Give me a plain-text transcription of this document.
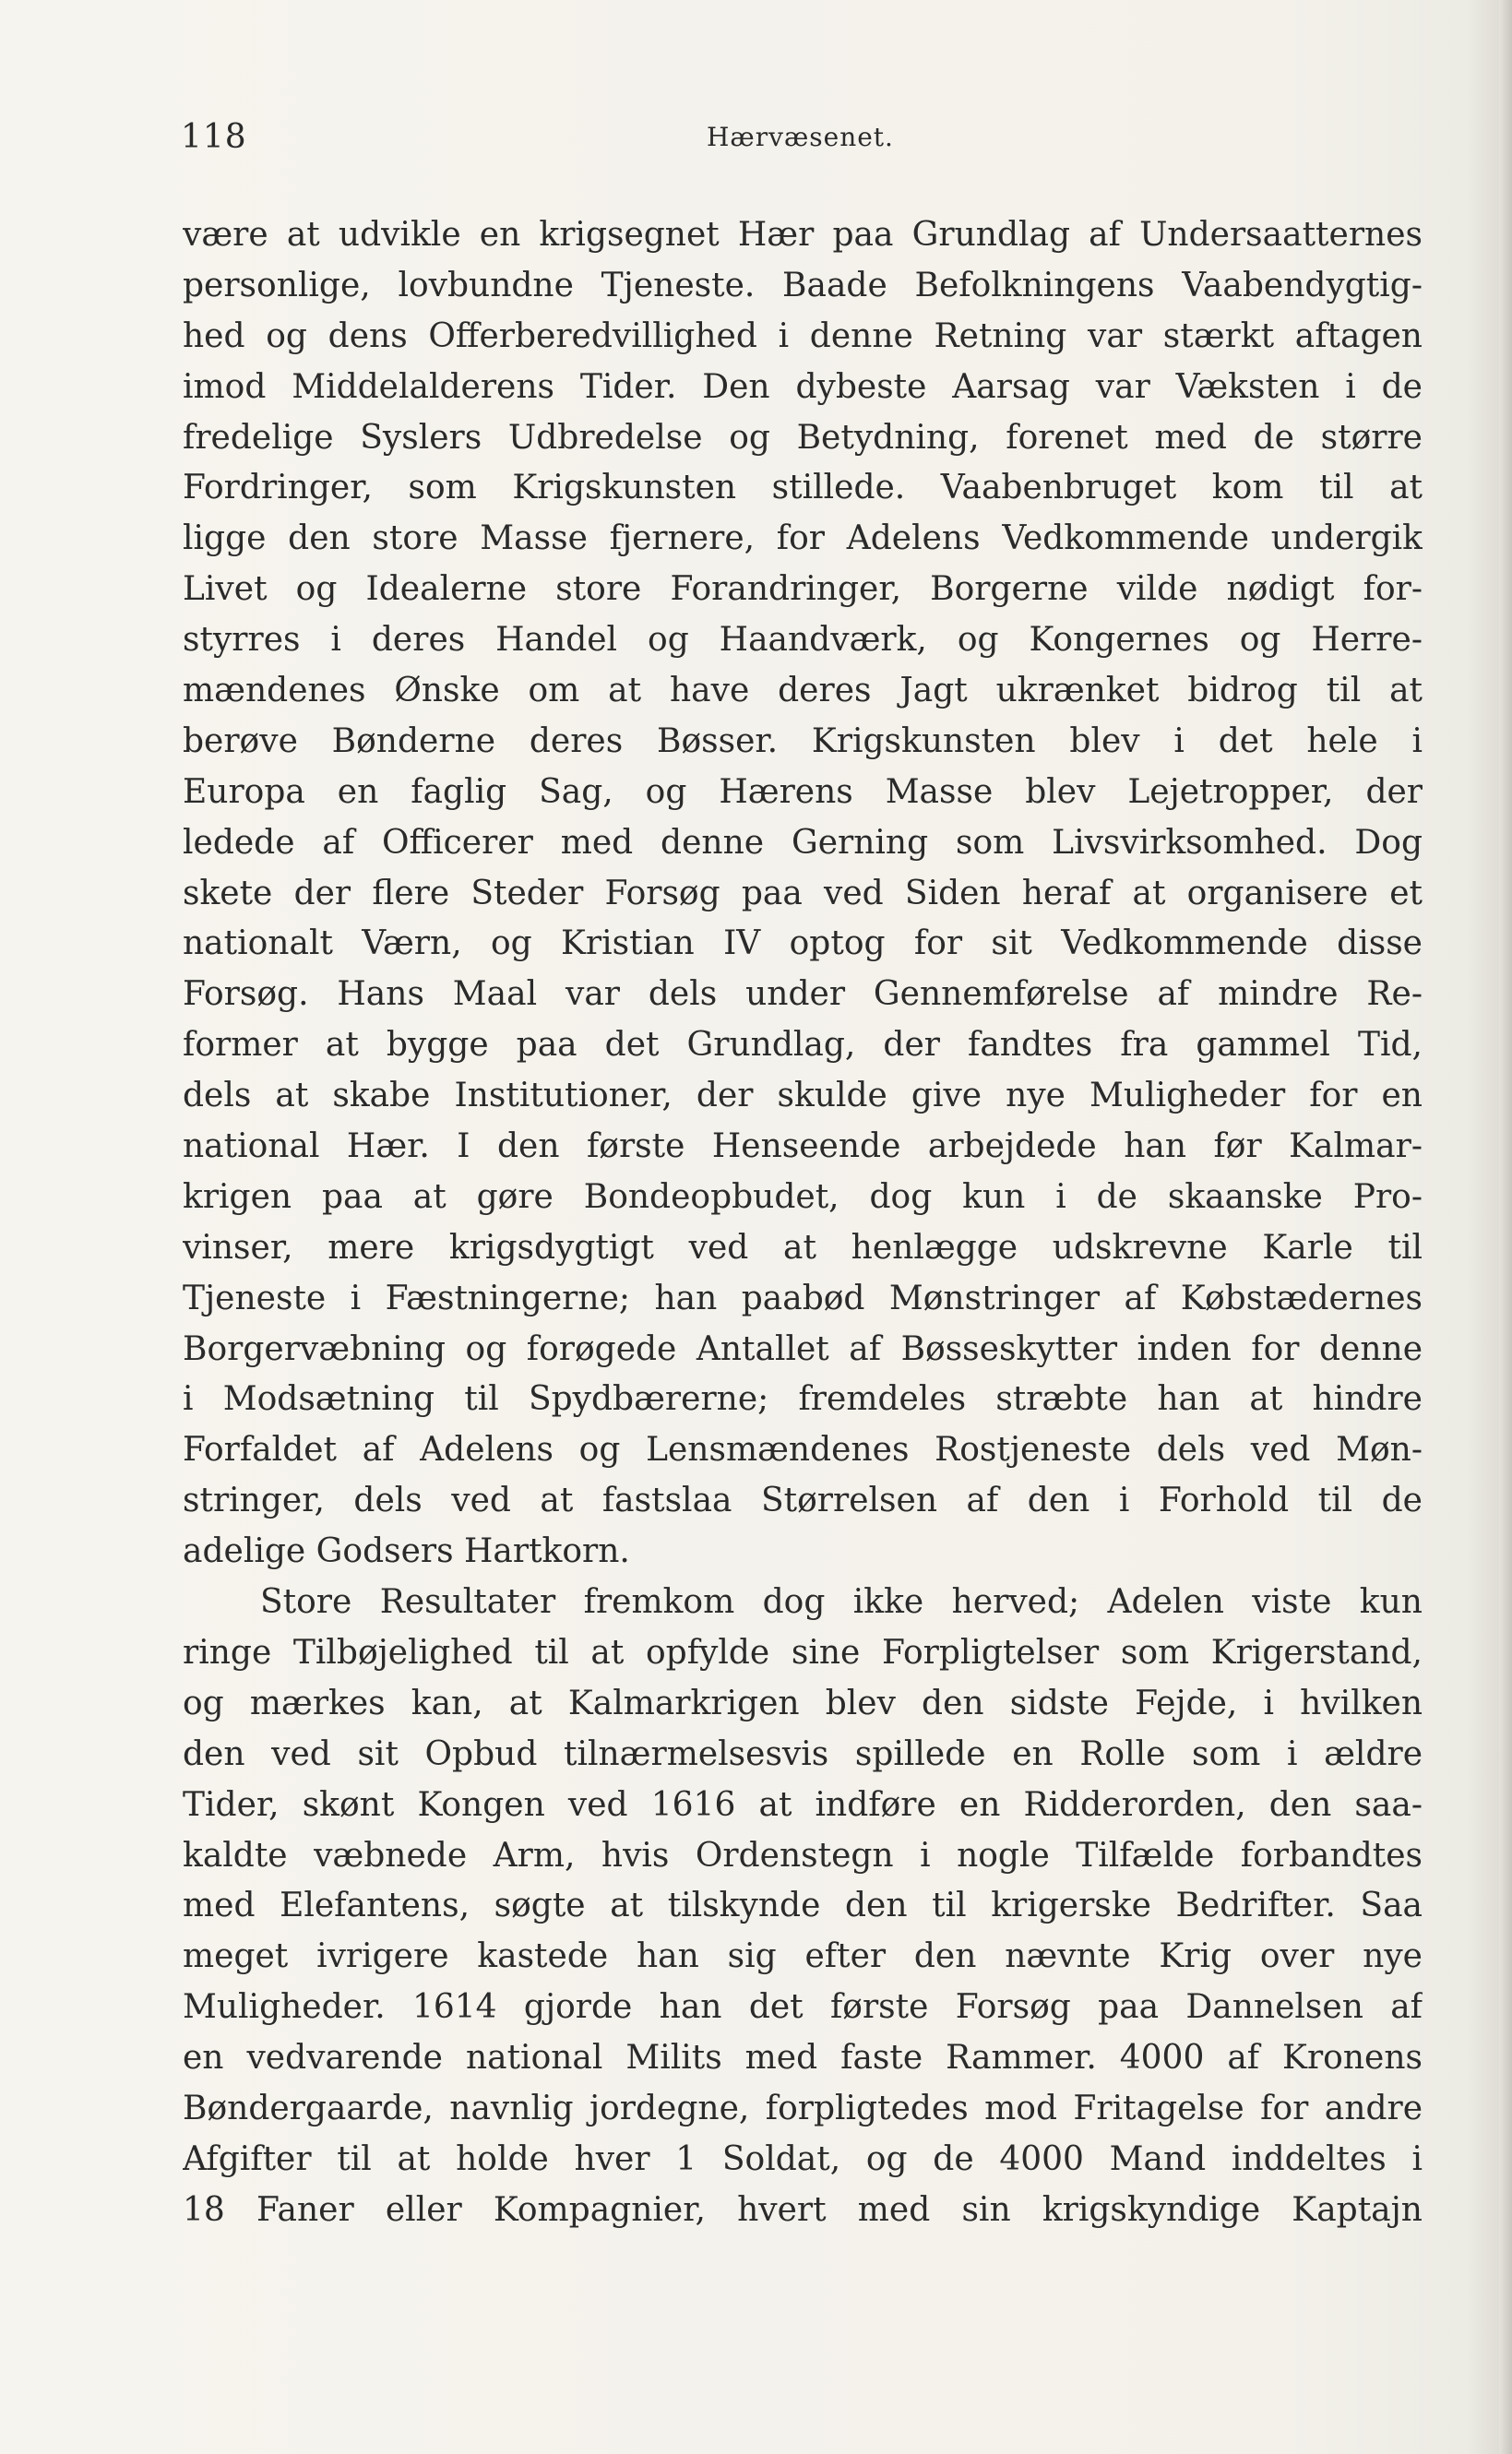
118	Hærvæsenet.
være at udvikle en krigsegnet Hær paa Grundlag af Undersaatternes
personlige, lovbundne Tjeneste. Baade Befolkningens Vaabendygtig-
hed og dens Offerberedvillighed i denne Retning var stærkt aftagen
imod Middelalderens Tider. Den dybeste Aarsag var Væksten i de
fredelige Syslers Udbredelse og Betydning, forenet med de større
Fordringer, som Krigskunsten stillede. Vaabenbruget kom til at
ligge den store Masse fjernere, for Adelens Vedkommende undergik
Livet og Idealerne store Forandringer, Borgerne vilde nødigt for-
styrres i deres Handel og Haandværk, og Kongernes og Herre-
mændenes Ønske om at have deres Jagt ukrænket bidrog til at
berøve Bønderne deres Bøsser. Krigskunsten blev i det hele i
Europa en faglig Sag, og Hærens Masse blev Lejetropper, der
ledede af Officerer med denne Gerning som Livsvirksomhed. Dog
skete der flere Steder Forsøg paa ved Siden heraf at organisere et
nationalt Værn, og Kristian IV optog for sit Vedkommende disse
Forsøg. Hans Maal var dels under Gennemførelse af mindre Re-
former at bygge paa det Grundlag, der fandtes fra gammel Tid,
dels at skabe Institutioner, der skulde give nye Muligheder for en
national Hær. I den første Henseende arbejdede han før Kalmar-
krigen paa at gøre Bondeopbudet, dog kun i de skaanske Pro-
vinser, mere krigsdygtigt ved at henlægge udskrevne Karle til
Tjeneste i Fæstningerne; han paabød Mønstringer af Købstædernes
Borgervæbning og forøgede Antallet af Bøsseskytter inden for denne
i Modsætning til Spydbærerne; fremdeles stræbte han at hindre
Forfaldet af Adelens og Lensmændenes Rostjeneste dels ved Møn-
stringer, dels ved at fastslaa Størrelsen af den i Forhold til de
adelige Godsers Hartkorn.
Store Resultater fremkom dog ikke herved; Adelen viste kun
ringe Tilbøjelighed til at opfylde sine Forpligtelser som Krigerstand,
og mærkes kan, at Kalmarkrigen blev den sidste Fejde, i hvilken
den ved sit Opbud tilnærmelsesvis spillede en Rolle som i ældre
Tider, skønt Kongen ved 1616 at indføre en Ridderorden, den saa-
kaldte væbnede Arm, hvis Ordenstegn i nogle Tilfælde forbandtes
med Elefantens, søgte at tilskynde den til krigerske Bedrifter. Saa
meget ivrigere kastede han sig efter den nævnte Krig over nye
Muligheder. 1614 gjorde han det første Forsøg paa Dannelsen af
en vedvarende national Milits med faste Rammer. 4000 af Kronens
Bøndergaarde, navnlig jordegne, forpligtedes mod Fritagelse for andre
Afgifter til at holde hver 1 Soldat, og de 4000 Mand inddeltes i
18 Faner eller Kompagnier, hvert med sin krigskyndige Kaptajn
